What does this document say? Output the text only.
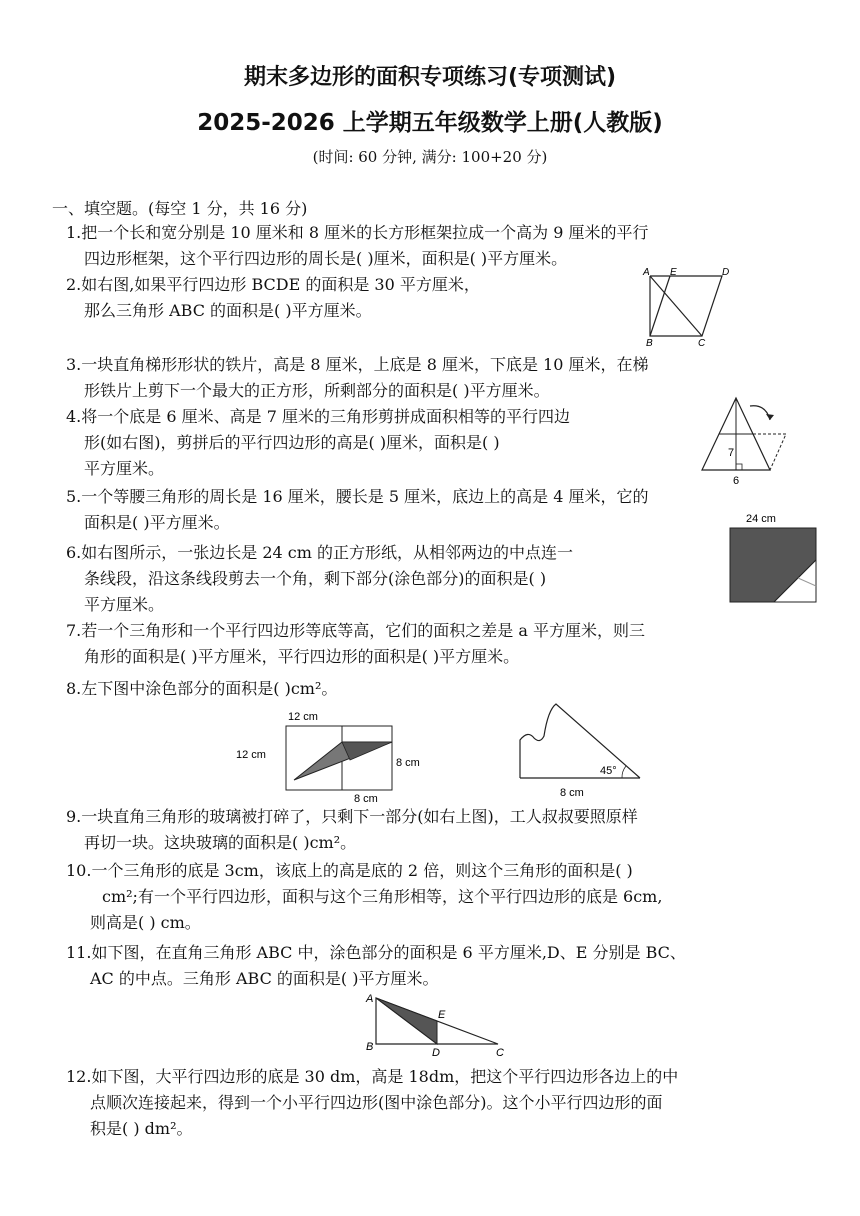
期末多边形的面积专项练习(专项测试)
2025-2026 上学期五年级数学上册(人教版)
(时间: 60 分钟, 满分: 100+20 分)
一、填空题。(每空 1 分，共 16 分)
1.把一个长和宽分别是 10 厘米和 8 厘米的长方形框架拉成一个高为 9 厘米的平行
四边形框架，这个平行四边形的周长是( )厘米，面积是( )平方厘米。
2.如右图,如果平行四边形 BCDE 的面积是 30 平方厘米，
那么三角形 ABC 的面积是( )平方厘米。
A E	D
B	C
3.一块直角梯形形状的铁片，高是 8 厘米，上底是 8 厘米，下底是 10 厘米，在梯
形铁片上剪下一个最大的正方形，所剩部分的面积是( )平方厘米。
4.将一个底是 6 厘米、高是 7 厘米的三角形剪拼成面积相等的平行四边
形(如右图)，剪拼后的平行四边形的高是( )厘米，面积是( )
平方厘米。
7
6
5.一个等腰三角形的周长是 16 厘米，腰长是 5 厘米，底边上的高是 4 厘米，它的
面积是( )平方厘米。	24 cm
6.如右图所示，一张边长是 24 cm 的正方形纸，从相邻两边的中点连一
条线段，沿这条线段剪去一个角，剩下部分(涂色部分)的面积是( )
平方厘米。
7.若一个三角形和一个平行四边形等底等高，它们的面积之差是 a 平方厘米，则三
角形的面积是( )平方厘米，平行四边形的面积是( )平方厘米。
8.左下图中涂色部分的面积是( )cm²。
12 cm
12 cm
8 cm
8 cm
45°
8 cm
9.一块直角三角形的玻璃被打碎了，只剩下一部分(如右上图)，工人叔叔要照原样
再切一块。这块玻璃的面积是( )cm²。
10.一个三角形的底是 3cm，该底上的高是底的 2 倍，则这个三角形的面积是( )
cm²;有一个平行四边形，面积与这个三角形相等，这个平行四边形的底是 6cm,
则高是( ) cm。
11.如下图，在直角三角形 ABC 中，涂色部分的面积是 6 平方厘米,D、E 分别是 BC、
AC 的中点。三角形 ABC 的面积是( )平方厘米。
A
E
B	D	C
12.如下图，大平行四边形的底是 30 dm，高是 18dm，把这个平行四边形各边上的中
点顺次连接起来，得到一个小平行四边形(图中涂色部分)。这个小平行四边形的面
积是( ) dm²。
